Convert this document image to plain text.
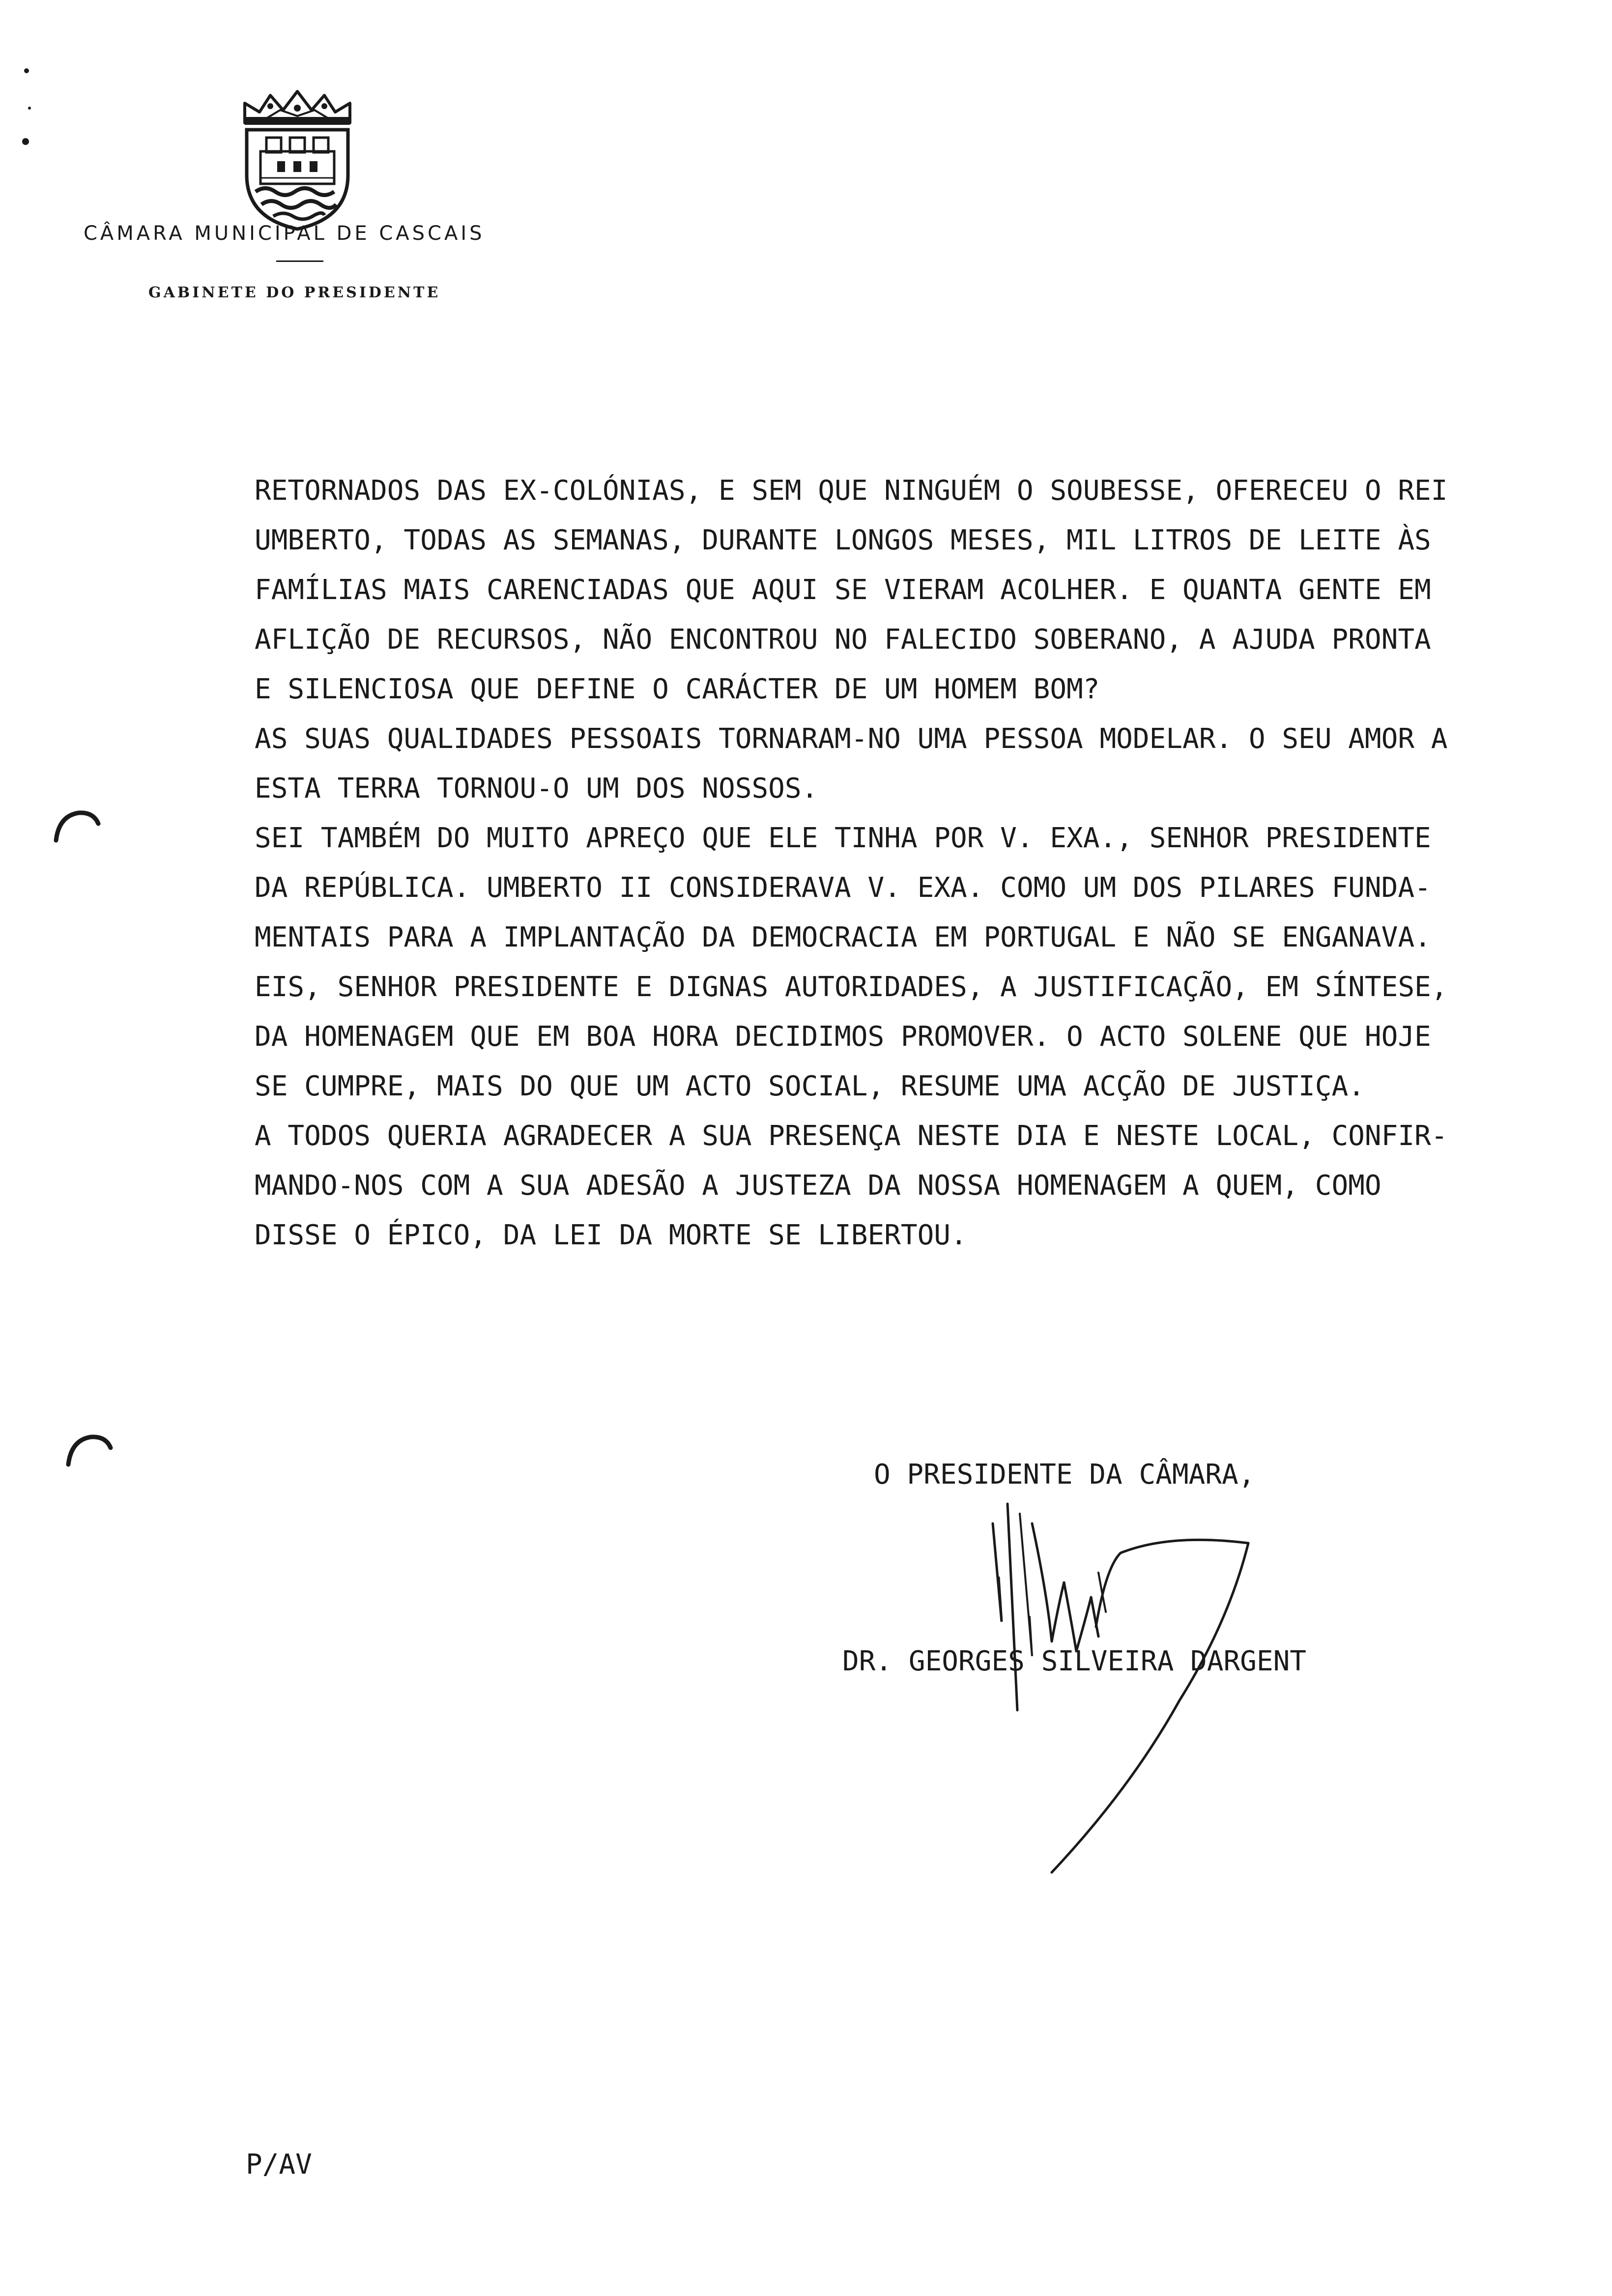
CÂMARA MUNICIPAL DE CASCAIS
GABINETE DO PRESIDENTE
RETORNADOS DAS EX-COLÓNIAS, E SEM QUE NINGUÉM O SOUBESSE, OFERECEU O REI
UMBERTO, TODAS AS SEMANAS, DURANTE LONGOS MESES, MIL LITROS DE LEITE ÀS
FAMÍLIAS MAIS CARENCIADAS QUE AQUI SE VIERAM ACOLHER. E QUANTA GENTE EM
AFLIÇÃO DE RECURSOS, NÃO ENCONTROU NO FALECIDO SOBERANO, A AJUDA PRONTA
E SILENCIOSA QUE DEFINE O CARÁCTER DE UM HOMEM BOM?
AS SUAS QUALIDADES PESSOAIS TORNARAM-NO UMA PESSOA MODELAR. O SEU AMOR A
ESTA TERRA TORNOU-O UM DOS NOSSOS.
SEI TAMBÉM DO MUITO APREÇO QUE ELE TINHA POR V. EXA., SENHOR PRESIDENTE
DA REPÚBLICA. UMBERTO II CONSIDERAVA V. EXA. COMO UM DOS PILARES FUNDA-
MENTAIS PARA A IMPLANTAÇÃO DA DEMOCRACIA EM PORTUGAL E NÃO SE ENGANAVA.
EIS, SENHOR PRESIDENTE E DIGNAS AUTORIDADES, A JUSTIFICAÇÃO, EM SÍNTESE,
DA HOMENAGEM QUE EM BOA HORA DECIDIMOS PROMOVER. O ACTO SOLENE QUE HOJE
SE CUMPRE, MAIS DO QUE UM ACTO SOCIAL, RESUME UMA ACÇÃO DE JUSTIÇA.
A TODOS QUERIA AGRADECER A SUA PRESENÇA NESTE DIA E NESTE LOCAL, CONFIR-
MANDO-NOS COM A SUA ADESÃO A JUSTEZA DA NOSSA HOMENAGEM A QUEM, COMO
DISSE O ÉPICO, DA LEI DA MORTE SE LIBERTOU.
O PRESIDENTE DA CÂMARA,
DR. GEORGES SILVEIRA DARGENT
P/AV
